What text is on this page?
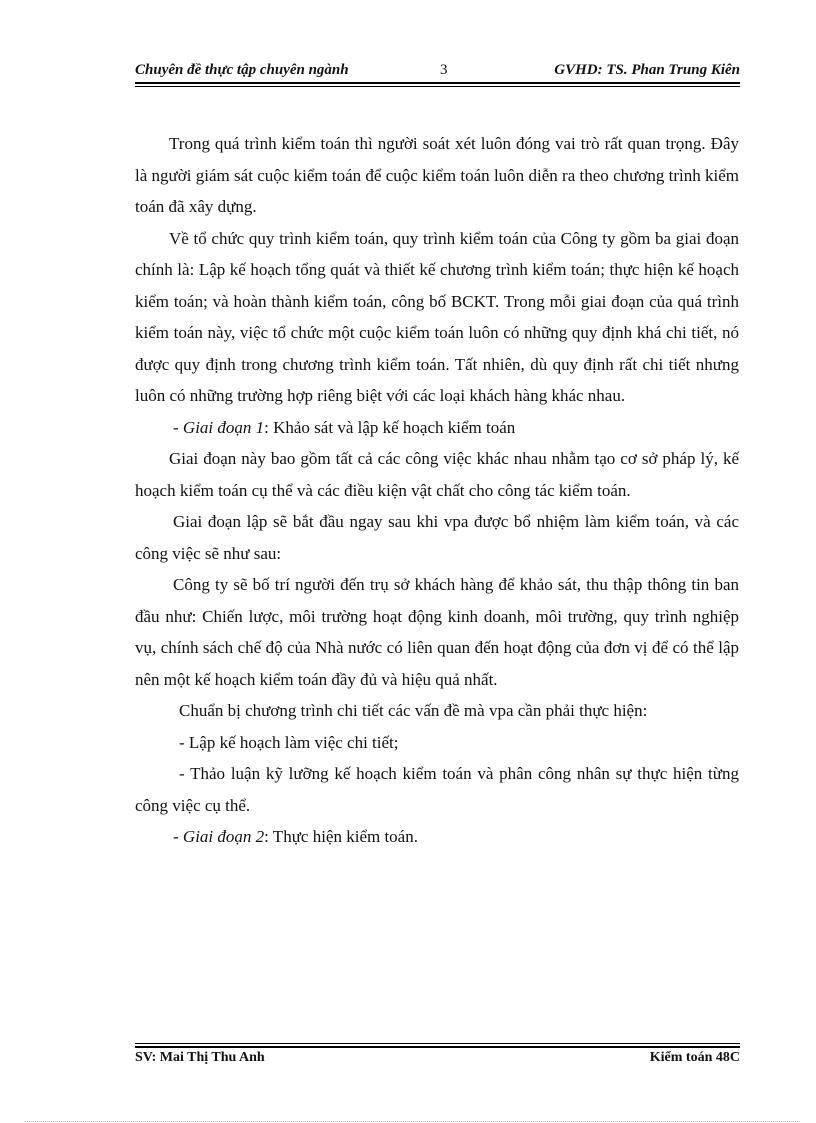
Chuyên đề thực tập chuyên ngành	3	GVHD: TS. Phan Trung Kiên

Trong quá trình kiểm toán thì người soát xét luôn đóng vai trò rất quan trọng. Đây là người giám sát cuộc kiểm toán để cuộc kiểm toán luôn diễn ra theo chương trình kiểm toán đã xây dựng.

Về tổ chức quy trình kiểm toán, quy trình kiểm toán của Công ty gồm ba giai đoạn chính là: Lập kế hoạch tổng quát và thiết kế chương trình kiểm toán; thực hiện kế hoạch kiểm toán; và hoàn thành kiểm toán, công bố BCKT. Trong mỗi giai đoạn của quá trình kiểm toán này, việc tổ chức một cuộc kiểm toán luôn có những quy định khá chi tiết, nó được quy định trong chương trình kiểm toán. Tất nhiên, dù quy định rất chi tiết nhưng luôn có những trường hợp riêng biệt với các loại khách hàng khác nhau.

- Giai đoạn 1: Khảo sát và lập kế hoạch kiểm toán

Giai đoạn này bao gồm tất cả các công việc khác nhau nhằm tạo cơ sở pháp lý, kế hoạch kiểm toán cụ thể và các điều kiện vật chất cho công tác kiểm toán.

Giai đoạn lập sẽ bắt đầu ngay sau khi vpa được bổ nhiệm làm kiểm toán, và các công việc sẽ như sau:

Công ty sẽ bố trí người đến trụ sở khách hàng để khảo sát, thu thập thông tin ban đầu như: Chiến lược, môi trường hoạt động kinh doanh, môi trường, quy trình nghiệp vụ, chính sách chế độ của Nhà nước có liên quan đến hoạt động của đơn vị để có thể lập nên một kế hoạch kiểm toán đầy đủ và hiệu quả nhất.

Chuẩn bị chương trình chi tiết các vấn đề mà vpa cần phải thực hiện:

- Lập kế hoạch làm việc chi tiết;

- Thảo luận kỹ lưỡng kế hoạch kiểm toán và phân công nhân sự thực hiện từng công việc cụ thể.

- Giai đoạn 2: Thực hiện kiểm toán.

SV: Mai Thị Thu Anh	Kiểm toán 48C
